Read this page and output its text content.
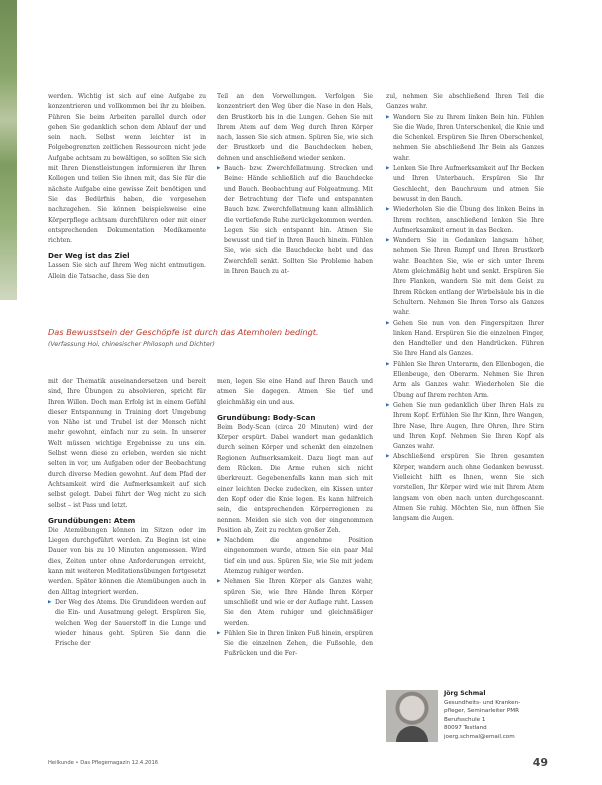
werden. Wichtig ist sich auf eine Aufgabe zu konzentrieren und vollkommen bei ihr zu bleiben. Führen Sie beim Arbeiten parallel durch oder gehen Sie gedanklich schon dem Ablauf der und sein nach. Selbst wenn leichter ist in Folgebegrenzten zeitlichen Ressourcen nicht jede Aufgabe achtsam zu bewältigen, so sollten Sie sich mit Ihren Dienstleistungen informieren ihr Ihren Kollegen und teilen Sie ihnen mit, das Sie für die nächste Aufgabe eine gewisse Zeit benötigen und Sie das Bedürfnis haben, die vorgesehen nachzugehen. Sie können beispielsweise eine Körperpflege achtsam durchführen oder mit einer entsprechenden Dokumentation Medikamente richten.

Der Weg ist das Ziel

Lassen Sie sich auf Ihrem Weg nicht entmutigen. Allein die Tatsache, dass Sie den

Teil an den Vorwellungen. Verfolgen Sie konzentriert den Weg über die Nase in den Hals, den Brustkorb bis in die Lungen. Gehen Sie mit Ihrem Atem auf dem Weg durch Ihren Körper nach, lassen Sie sich atmen. Spüren Sie, wie sich der Brustkorb und die Bauchdecken heben, dehnen und anschließend wieder senken.

▶ Bauch- bzw. Zwerchfellatmung. Strecken und Beine: Hände schließlich auf die Bauchdecke und Bauch. Beobachtung auf Folgeatmung. Mit der Betrachtung der Tiefe und entspannten Bauch bzw. Zwerchfellatmung kann allmählich die vertiefende Ruhe zurückgekommen werden. Legen Sie sich entspannt hin. Atmen Sie bewusst und tief in Ihren Bauch hinein. Fühlen Sie, wie sich die Bauchdecke hebt und das Zwerchfell senkt. Sollten Sie Probleme haben in Ihren Bauch zu at-

zul, nehmen Sie abschließend Ihren Teil die Ganzes wahr.

▶ Wandern Sie zu Ihrem linken Bein hin. Fühlen Sie die Wade, Ihren Unterschenkel, die Knie und die Schenkel. Erspüren Sie Ihren Oberschenkel, nehmen Sie abschließend Ihr Bein als Ganzes wahr.
▶ Lenken Sie Ihre Aufmerksamkeit auf Ihr Becken und Ihren Unterbauch. Erspüren Sie Ihr Geschlecht, den Bauchraum und atmen Sie bewusst in den Bauch.
▶ Wiederholen Sie die Übung des linken Beins in Ihrem rechten, anschließend lenken Sie Ihre Aufmerksamkeit erneut in das Becken.
▶ Wandern Sie in Gedanken langsam höher, nehmen Sie Ihren Rumpf und Ihren Brustkorb wahr. Beachten Sie, wie er sich unter Ihrem Atem gleichmäßig hebt und senkt. Erspüren Sie Ihre Flanken, wandern Sie mit dem Geist zu Ihrem Rücken entlang der Wirbelsäule bis in die Schultern. Nehmen Sie Ihren Torso als Ganzes wahr.
▶ Gehen Sie nun von den Fingerspitzen Ihrer linken Hand. Erspüren Sie die einzelnen Finger, den Handteller und den Handrücken. Führen Sie Ihre Hand als Ganzes.
▶ Fühlen Sie Ihren Unterarm, den Ellenbogen, die Ellenbeuge, den Oberarm. Nehmen Sie Ihren Arm als Ganzes wahr. Wiederholen Sie die Übung auf Ihrem rechten Arm.
▶ Gehen Sie nun gedanklich über Ihren Hals zu Ihrem Kopf. Erfühlen Sie Ihr Kinn, Ihre Wangen, Ihre Nase, Ihre Augen, Ihre Ohren, Ihre Stirn und Ihren Kopf. Nehmen Sie Ihren Kopf als Ganzes wahr.
▶ Abschließend erspüren Sie Ihren gesamten Körper, wandern auch ohne Gedanken bewusst. Vielleicht hilft es Ihnen, wenn Sie sich vorstellen, Ihr Körper wird wie mit Ihrem Atem langsam von oben nach unten durchgescannt. Atmen Sie ruhig. Möchten Sie, nun öffnen Sie langsam die Augen.
Das Bewusstsein der Geschöpfe ist durch das Atemholen bedingt.
(Verfassung Hoi, chinesischer Philosoph und Dichter)

mit der Thematik auseinandersetzen und bereit sind, Ihre Übungen zu absolvieren, spricht für Ihren Willen. Doch man Erfolg ist in einem Gefühl dieser Entspannung in Training dort Umgebung von Nähe ist und Trubel ist der Mensch nicht mehr gewohnt, einfach nur zu sein. In unserer Welt müssen wichtige Ergebnisse zu uns ein. Selbst wenn diese zu erleben, werden sie nicht selten in vor, um Aufgaben oder der Beobachtung durch diverse Medien gewohnt. Auf dem Pfad der Achtsamkeit wird die Aufmerksamkeit auf sich selbst gelegt. Dabei führt der Weg nicht zu sich selbst – ist Pass und letzt.

Grundübungen: Atem

Die Atemübungen können im Sitzen oder im Liegen durchgeführt werden. Zu Beginn ist eine Dauer von bis zu 10 Minuten angemessen. Wird dies, Zeiten unter ohne Anforderungen erreicht, kann mit weiteren Meditationsübungen fortgesetzt werden. Später können die Atemübungen auch in den Alltag integriert werden.

▶ Der Weg des Atems. Die Grundideen werden auf die Ein- und Ausatmung gelegt. Erspüren Sie, welchen Weg der Sauerstoff in die Lunge und wieder hinaus geht. Spüren Sie dann die Frische der

men, legen Sie eine Hand auf Ihren Bauch und atmen Sie dagegen. Atmen Sie tief und gleichmäßig ein und aus.

Grundübung: Body-Scan

Beim Body-Scan (circa 20 Minuten) wird der Körper erspürt. Dabei wandert man gedanklich durch seinen Körper und schenkt den einzelnen Regionen Aufmerksamkeit. Dazu liegt man auf dem Rücken. Die Arme ruhen sich nicht überkreuzt. Gegebenenfalls kann man sich mit einer leichten Decke zudecken, ein Kissen unter den Kopf oder die Knie legen. Es kann hilfreich sein, die entsprechenden Körperregionen zu nennen. Meiden sie sich von der eingenommen Position ab, Zeit zu rechten großer Zeh.

▶ Nachdem die angenehme Position eingenommen wurde, atmen Sie ein paar Mal tief ein und aus. Spüren Sie, wie Sie mit jedem Atemzug ruhiger werden.
▶ Nehmen Sie Ihren Körper als Ganzes wahr, spüren Sie, wie Ihre Hände Ihren Körper umschließt und wie er der Auflage ruht. Lassen Sie den Atem ruhiger und gleichmäßiger werden.
▶ Fühlen Sie in Ihren linken Fuß hinein, erspüren Sie die einzelnen Zehen, die Fußsohle, den Fußrücken und die Fer-
Jörg Schmal
Gesundheits- und Kranken-
pfleger, Seminarleiter PMR
Berufsschule 1
80097 Testland
joerg.schmal@email.com
Heilkunde • Das Pflegemagazin 12.4.2016	49
